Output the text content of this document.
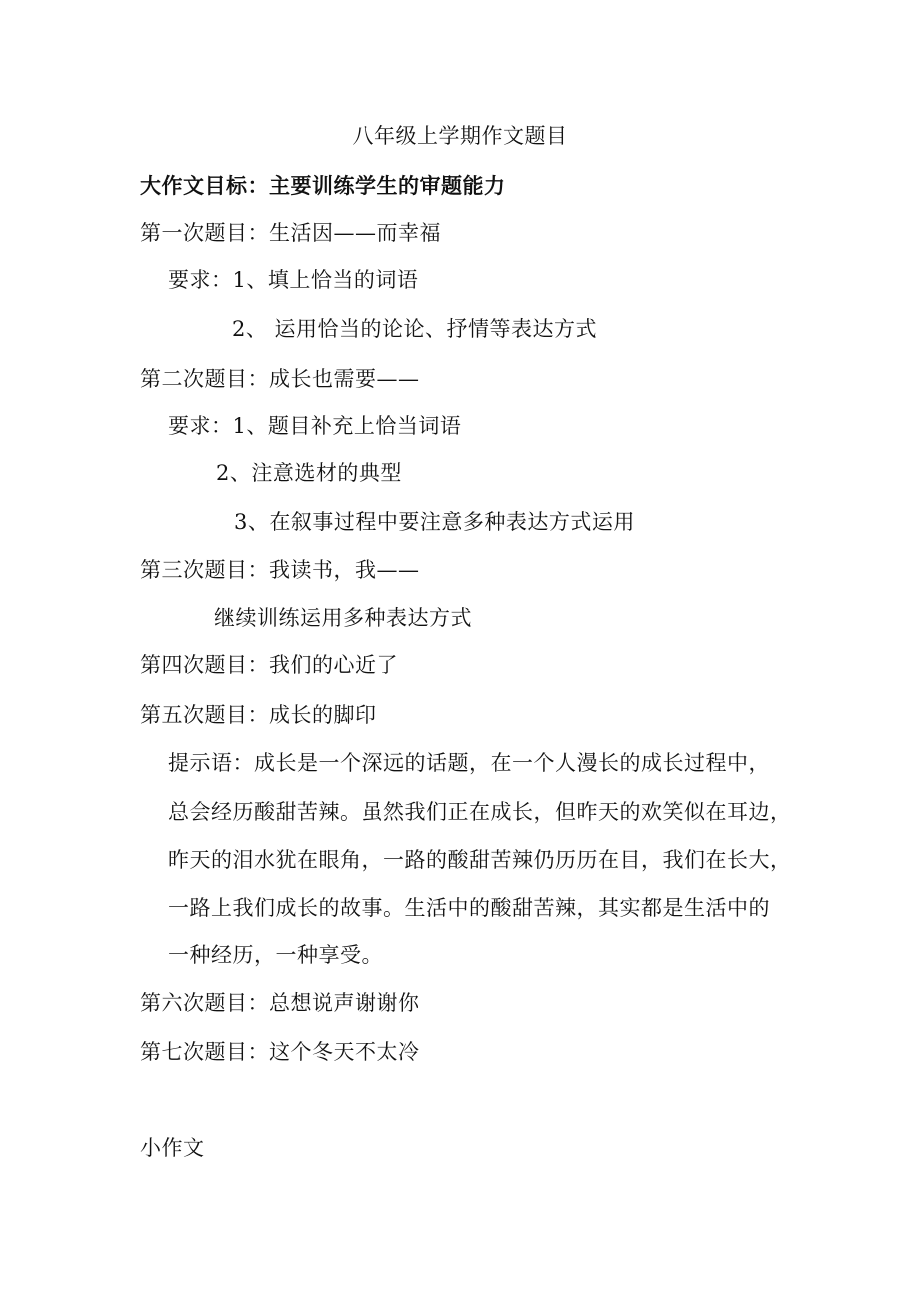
八年级上学期作文题目
大作文目标：主要训练学生的审题能力
第一次题目：生活因——而幸福
要求：1、填上恰当的词语
2、 运用恰当的论论、抒情等表达方式
第二次题目：成长也需要——
要求：1、题目补充上恰当词语
2、注意选材的典型
3、在叙事过程中要注意多种表达方式运用
第三次题目：我读书，我——
继续训练运用多种表达方式
第四次题目：我们的心近了
第五次题目：成长的脚印
提示语：成长是一个深远的话题，在一个人漫长的成长过程中，
总会经历酸甜苦辣。虽然我们正在成长，但昨天的欢笑似在耳边，
昨天的泪水犹在眼角，一路的酸甜苦辣仍历历在目，我们在长大，
一路上我们成长的故事。生活中的酸甜苦辣，其实都是生活中的
一种经历，一种享受。
第六次题目：总想说声谢谢你
第七次题目：这个冬天不太冷
小作文
